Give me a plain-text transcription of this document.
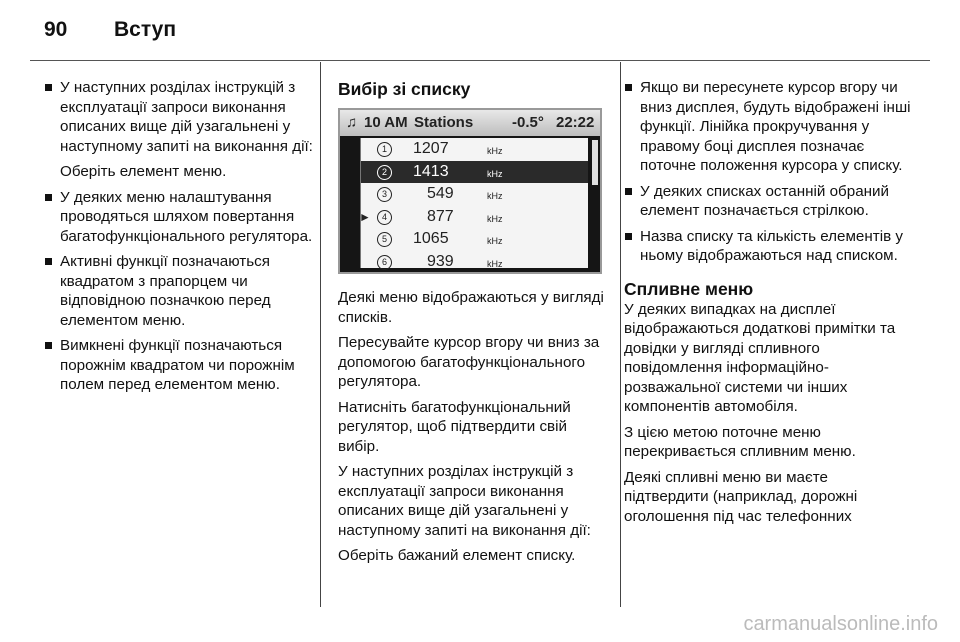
90	Вступ

У наступних розділах інструкцій з експлуатації запроси виконання описаних вище дій узагальнені у наступному запиті на виконання дії:

Оберіть елемент меню.

У деяких меню налаштування проводяться шляхом повертання багатофункціонального регулятора.

Активні функції позначаються квадратом з прапорцем чи відповідною позначкою перед елементом меню.

Вимкнені функції позначаються порожнім квадратом чи порожнім полем перед елементом меню.

Вибір зі списку
♫ 10 AM Stations	-0.5° 22:22
1	1207	kHz
2	1413	kHz
3	549	kHz
►	4	877	kHz
5	1065	kHz
6	939	kHz

Деякі меню відображаються у вигляді списків.

Пересувайте курсор вгору чи вниз за допомогою багатофункціонального регулятора.

Натисніть багатофункціональний регулятор, щоб підтвердити свій вибір.

У наступних розділах інструкцій з експлуатації запроси виконання описаних вище дій узагальнені у наступному запиті на виконання дії:

Оберіть бажаний елемент списку.

Якщо ви пересунете курсор вгору чи вниз дисплея, будуть відображені інші функції. Лінійка прокручування у правому боці дисплея позначає поточне положення курсора у списку.

У деяких списках останній обраний елемент позначається стрілкою.

Назва списку та кількість елементів у ньому відображаються над списком.

Спливне меню

У деяких випадках на дисплеї відображаються додаткові примітки та довідки у вигляді спливного повідомлення інформаційно-розважальної системи чи інших компонентів автомобіля.

З цією метою поточне меню перекривається спливним меню.

Деякі спливні меню ви маєте підтвердити (наприклад, дорожні оголошення під час телефонних

carmanualsonline.info
